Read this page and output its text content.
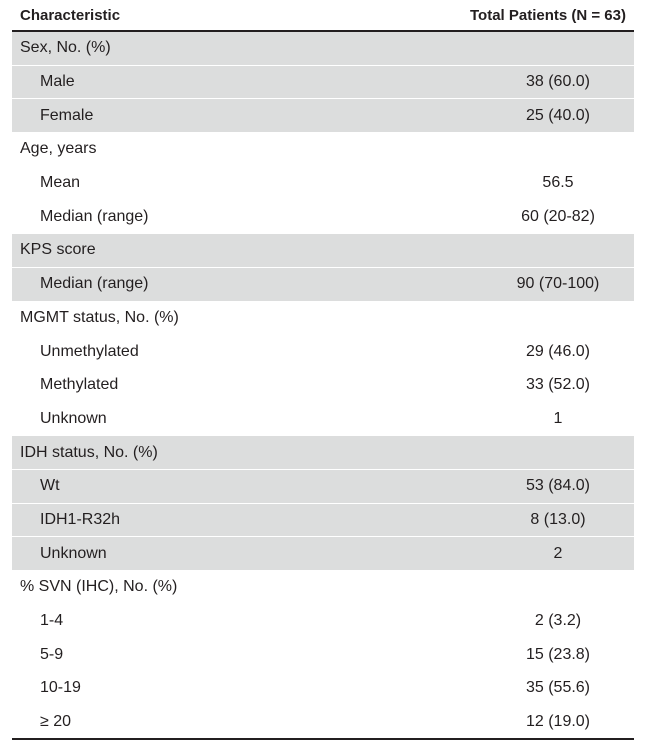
Characteristic	Total Patients (N = 63)
Sex, No. (%)	
Male	38 (60.0)
Female	25 (40.0)
Age, years	
Mean	56.5
Median (range)	60 (20-82)
KPS score	
Median (range)	90 (70-100)
MGMT status, No. (%)	
Unmethylated	29 (46.0)
Methylated	33 (52.0)
Unknown	1
IDH status, No. (%)	
Wt	53 (84.0)
IDH1-R32h	8 (13.0)
Unknown	2
% SVN (IHC), No. (%)	
1-4	2 (3.2)
5-9	15 (23.8)
10-19	35 (55.6)
≥ 20	12 (19.0)
